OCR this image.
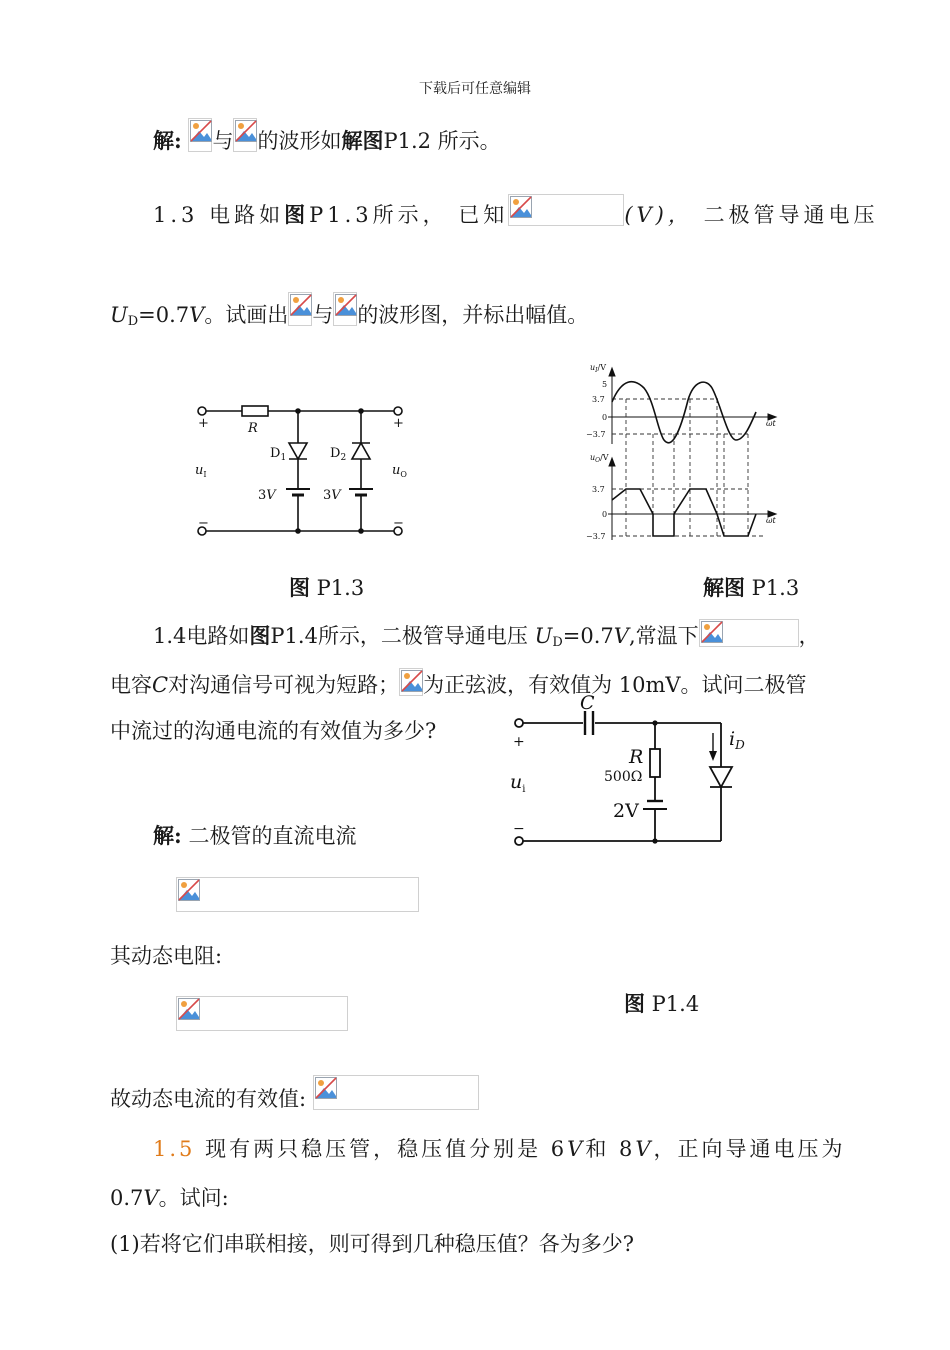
下载后可任意编辑
解: 与 的波形如解图P1.2 所示。
1.3 电路如图P1.3所示， 已知	(V)， 二极管导通电压
$U_D=0.7V$。试画出 与 的波形图，并标出幅值。
+
−
+
−
R
$D_1$	$D_2$
$u_I$	$u_O$
3V	3V
$u_I/V$
5
3.7
0
−3.7
ωt
$u_O/V$
3.7
0
−3.7
ωt
图 P1.3	解图 P1.3
1.4电路如图P1.4所示，二极管导通电压 $U_D=0.7V$,常温下	，
电容C对沟通信号可视为短路； 为正弦波，有效值为 10mV。试问二极管
中流过的沟通电流的有效值为多少?
C
R
500Ω
2V
$i_D$
$u_i$
+
−
解: 二极管的直流电流
其动态电阻:
图 P1.4
故动态电流的有效值:
1.5 现有两只稳压管，稳压值分别是 6V和 8V，正向导通电压为
0.7V。试问:
(1)若将它们串联相接，则可得到几种稳压值？各为多少?
